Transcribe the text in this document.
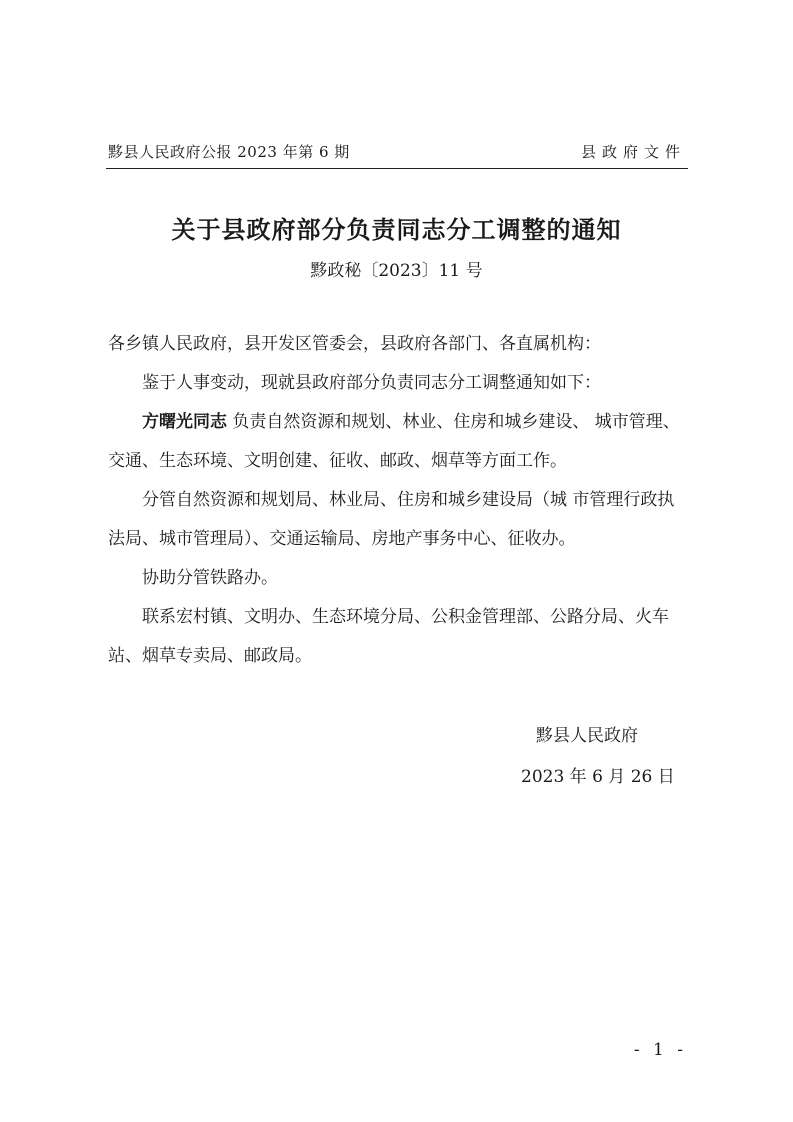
黟县人民政府公报 2023 年第 6 期	县政府文件
关于县政府部分负责同志分工调整的通知
黟政秘〔2023〕11 号

各乡镇人民政府，县开发区管委会，县政府各部门、各直属机构：

鉴于人事变动，现就县政府部分负责同志分工调整通知如下：

方曙光同志 负责自然资源和规划、林业、住房和城乡建设、 城市管理、交通、生态环境、文明创建、征收、邮政、烟草等方面工作。

分管自然资源和规划局、林业局、住房和城乡建设局（城 市管理行政执法局、城市管理局）、交通运输局、房地产事务中心、征收办。

协助分管铁路办。

联系宏村镇、文明办、生态环境分局、公积金管理部、公路分局、火车站、烟草专卖局、邮政局。

黟县人民政府
2023 年 6 月 26 日
- 1 -
